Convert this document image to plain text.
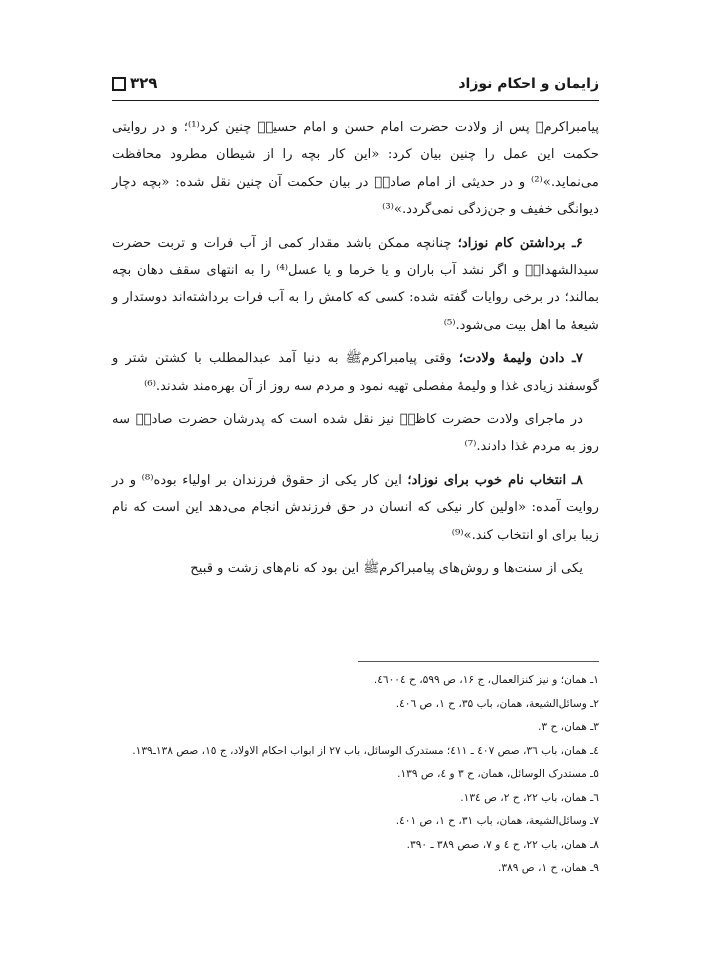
زایمان و احکام نوزاد
۳۲۹

پیامبراکرمﷺ پس از ولادت حضرت امام حسن و امام حسینؑ چنین کرد⁽¹⁾؛ و در روایتی حکمت این عمل را چنین بیان کرد: «این کار بچه را از شیطان مطرود محافظت می‌نماید.»⁽²⁾ و در حدیثی از امام صادقؑ در بیان حکمت آن چنین نقل شده: «بچه دچار دیوانگی خفیف و جن‌زدگی نمی‌گردد.»⁽³⁾

۶ـ برداشتن کام نوزاد؛ چنانچه ممکن باشد مقدار کمی از آب فرات و تربت حضرت سیدالشهداءؑ و اگر نشد آب باران و یا خرما و یا عسل⁽⁴⁾ را به انتهای سقف دهان بچه بمالند؛ در برخی روایات گفته شده: کسی که کامش را به آب فرات برداشته‌اند دوستدار و شیعهٔ ما اهل بیت می‌شود.⁽⁵⁾

۷ـ دادن ولیمهٔ ولادت؛ وقتی پیامبراکرمﷺ به دنیا آمد عبدالمطلب با کشتن شتر و گوسفند زیادی غذا و ولیمهٔ مفصلی تهیه نمود و مردم سه روز از آن بهره‌مند شدند.⁽⁶⁾

در ماجرای ولادت حضرت کاظمؑ نیز نقل شده است که پدرشان حضرت صادقؑ سه روز به مردم غذا دادند.⁽⁷⁾

۸ـ انتخاب نام خوب برای نوزاد؛ این کار یکی از حقوق فرزندان بر اولیاء بوده⁽⁸⁾ و در روایت آمده: «اولین کار نیکی که انسان در حق فرزندش انجام می‌دهد این است که نام زیبا برای او انتخاب کند.»⁽⁹⁾

یکی از سنت‌ها و روش‌های پیامبراکرمﷺ این بود که نام‌های زشت و قبیح

۱ـ همان؛ و نیز کنزالعمال، ج ۱۶، ص ۵۹۹، ح ٤٦٠٠٤.
۲ـ وسائل‌الشیعة، همان، باب ۳۵، ح ۱، ص ٤٠٦.
۳ـ همان، ح ۳.
٤ـ همان، باب ۳٦، صص ٤٠٧ ـ ٤١١؛ مستدرک الوسائل، باب ۲۷ از ابواب احکام الاولاد، ج ۱٥، صص ۱۳۸ـ۱۳۹.
٥ـ مستدرک الوسائل، همان، ح ۳ و ٤، ص ۱۳۹.
٦ـ همان، باب ۲۲، ح ۲، ص ۱۳٤.
۷ـ وسائل‌الشیعة، همان، باب ۳۱، ح ۱، ص ٤٠۱.
۸ـ همان، باب ۲۲، ح ٤ و ۷، صص ۳۸۹ ـ ۳۹۰.
۹ـ همان، ح ۱، ص ۳۸۹.
